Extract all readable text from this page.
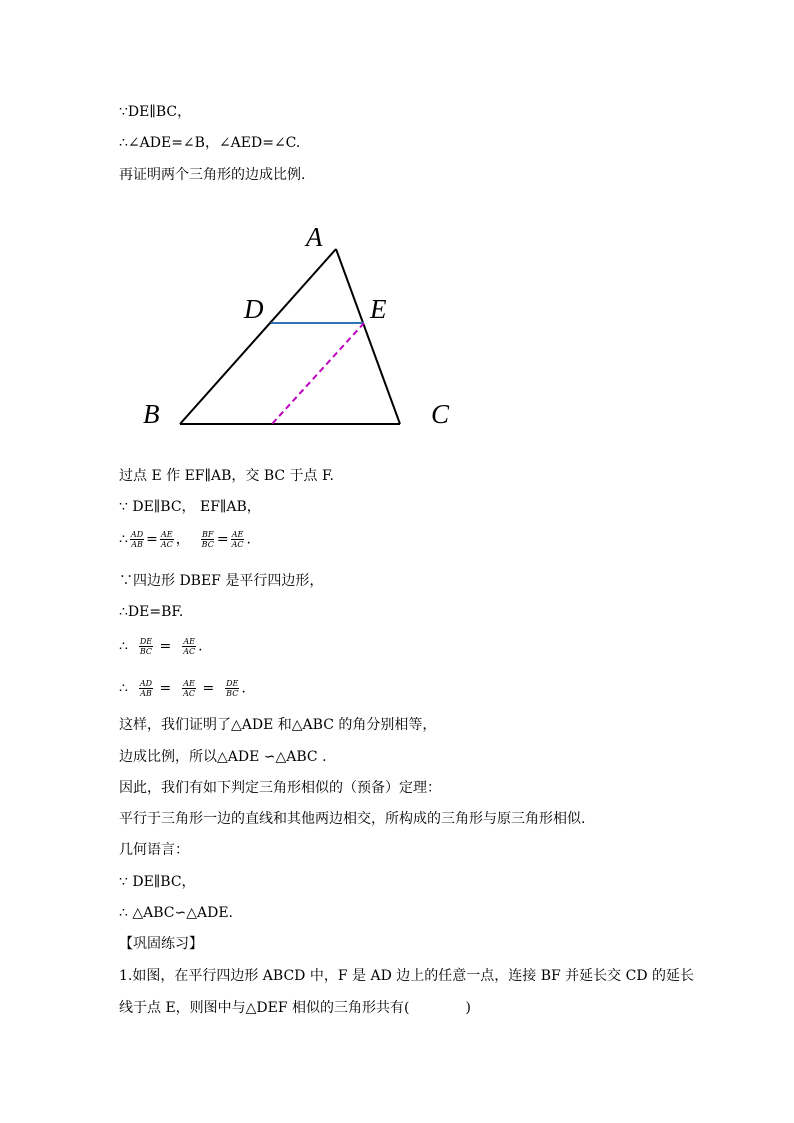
∵DE∥BC，
∴∠ADE=∠B，∠AED=∠C.
再证明两个三角形的边成比例.
A
D	E
B	C
过点 E 作 EF∥AB，交 BC 于点 F.
∵ DE∥BC， EF∥AB，
∴ $\frac{AD}{AB} = \frac{AE}{AC}$ ， $\frac{BF}{BC} = \frac{AE}{AC}$ .
∵四边形 DBEF 是平行四边形，
∴DE=BF.
∴ $\frac{DE}{BC} = \frac{AE}{AC}$ .
∴ $\frac{AD}{AB} = \frac{AE}{AC} = \frac{DE}{BC}$ .
这样，我们证明了△ADE 和△ABC 的角分别相等，
边成比例，所以△ADE ∽△ABC .
因此，我们有如下判定三角形相似的（预备）定理：
平行于三角形一边的直线和其他两边相交，所构成的三角形与原三角形相似.
几何语言：
∵ DE∥BC，
∴ △ABC∽△ADE.
【巩固练习】
1.如图，在平行四边形 ABCD 中，F 是 AD 边上的任意一点，连接 BF 并延长交 CD 的延长
线于点 E，则图中与△DEF 相似的三角形共有(　　　　)
